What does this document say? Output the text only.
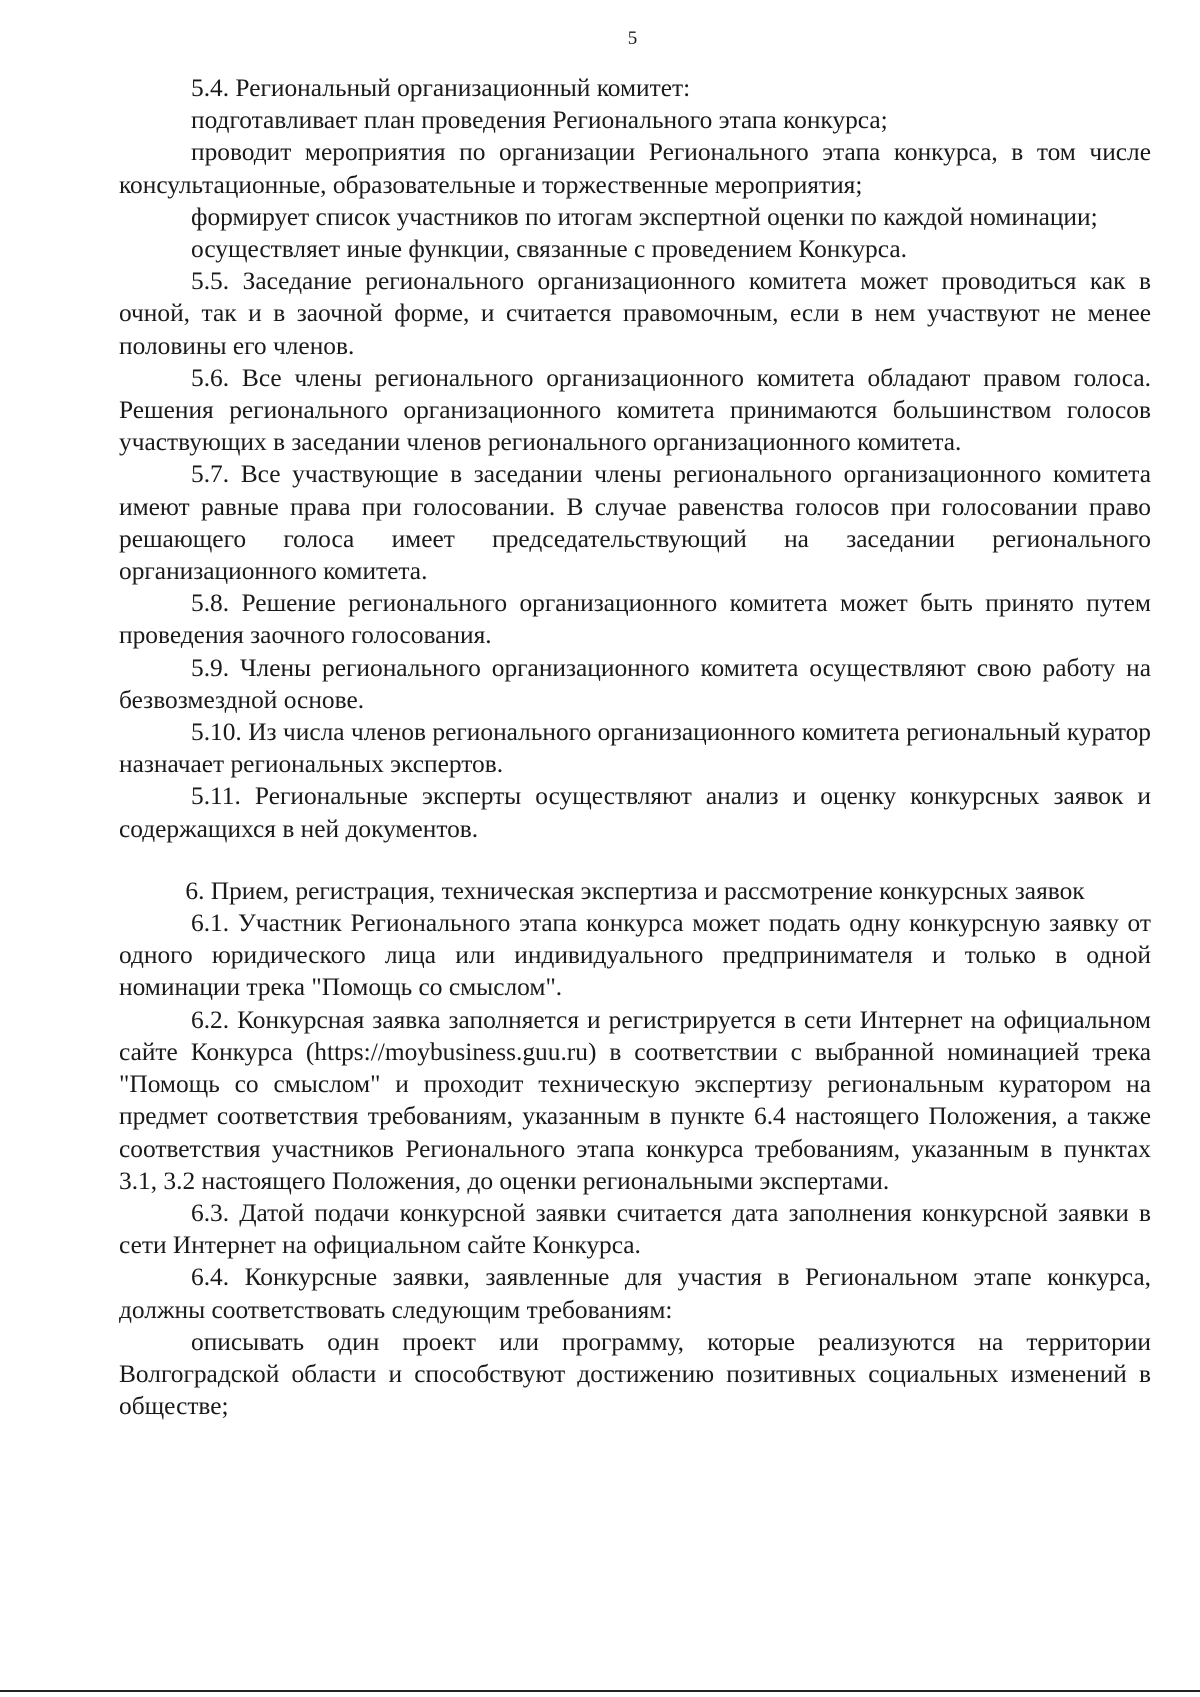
5

5.4. Региональный организационный комитет:

подготавливает план проведения Регионального этапа конкурса;

проводит мероприятия по организации Регионального этапа конкурса, в том числе консультационные, образовательные и торжественные мероприятия;

формирует список участников по итогам экспертной оценки по каждой номинации;

осуществляет иные функции, связанные с проведением Конкурса.

5.5. Заседание регионального организационного комитета может проводиться как в очной, так и в заочной форме, и считается правомочным, если в нем участвуют не менее половины его членов.

5.6. Все члены регионального организационного комитета обладают правом голоса. Решения регионального организационного комитета принимаются большинством голосов участвующих в заседании членов регионального организационного комитета.

5.7. Все участвующие в заседании члены регионального организационного комитета имеют равные права при голосовании. В случае равенства голосов при голосовании право решающего голоса имеет председательствующий на заседании регионального организационного комитета.

5.8. Решение регионального организационного комитета может быть принято путем проведения заочного голосования.

5.9. Члены регионального организационного комитета осуществляют свою работу на безвозмездной основе.

5.10. Из числа членов регионального организационного комитета региональный куратор назначает региональных экспертов.

5.11. Региональные эксперты осуществляют анализ и оценку конкурсных заявок и содержащихся в ней документов.

6. Прием, регистрация, техническая экспертиза и рассмотрение конкурсных заявок

6.1. Участник Регионального этапа конкурса может подать одну конкурсную заявку от одного юридического лица или индивидуального предпринимателя и только в одной номинации трека "Помощь со смыслом".

6.2. Конкурсная заявка заполняется и регистрируется в сети Интернет на официальном сайте Конкурса (https://moybusiness.guu.ru) в соответствии с выбранной номинацией трека "Помощь со смыслом" и проходит техническую экспертизу региональным куратором на предмет соответствия требованиям, указанным в пункте 6.4 настоящего Положения, а также соответствия участников Регионального этапа конкурса требованиям, указанным в пунктах 3.1, 3.2 настоящего Положения, до оценки региональными экспертами.

6.3. Датой подачи конкурсной заявки считается дата заполнения конкурсной заявки в сети Интернет на официальном сайте Конкурса.

6.4. Конкурсные заявки, заявленные для участия в Региональном этапе конкурса, должны соответствовать следующим требованиям:

описывать один проект или программу, которые реализуются на территории Волгоградской области и способствуют достижению позитивных социальных изменений в обществе;
